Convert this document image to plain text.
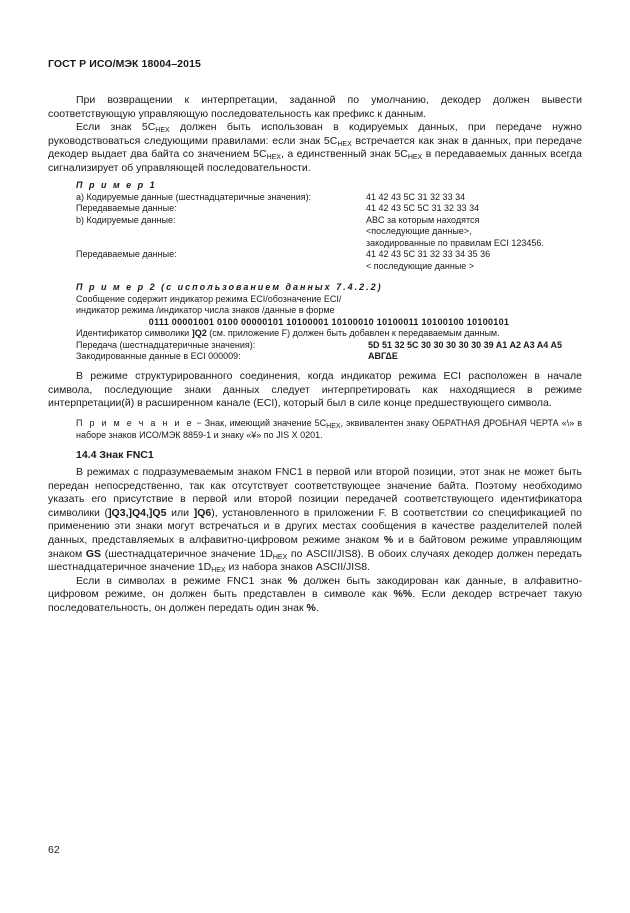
ГОСТ Р ИСО/МЭК 18004–2015

При возвращении к интерпретации, заданной по умолчанию, декодер должен вывести соответствующую управляющую последовательность как префикс к данным.

Если знак $5C_{HEX}$ должен быть использован в кодируемых данных, при передаче нужно руководствоваться следующими правилами: если знак $5C_{HEX}$ встречается как знак в данных, при передаче декодер выдает два байта со значением $5C_{HEX}$, а единственный знак $5C_{HEX}$ в передаваемых данных всегда сигнализирует об управляющей последовательности.

П р и м е р 1
a) Кодируемые данные (шестнадцатеричные значения):	41 42 43 5C 31 32 33 34
Передаваемые данные:	41 42 43 5C 5C 31 32 33 34
b) Кодируемые данные:	ABC за которым находятся
<последующие данные>,
закодированные по правилам ECI 123456.
Передаваемые данные:	41 42 43 5C 31 32 33 34 35 36
< последующие данные >
П р и м е р 2 (с использованием данных 7.4.2.2)
Сообщение содержит индикатор режима ECI/обозначение ECI/
индикатор режима /индикатор числа знаков /данные в форме
0111 00001001 0100 00000101 10100001 10100010 10100011 10100100 10100101
Идентификатор символики ]Q2 (см. приложение F) должен быть добавлен к передаваемым данным.
Передача (шестнадцатеричные значения):	5D 51 32 5C 30 30 30 30 30 39 A1 A2 A3 A4 A5
Закодированные данные в ECI 000009:	ΑΒΓΔΕ

В режиме структурированного соединения, когда индикатор режима ECI расположен в начале символа, последующие знаки данных следует интерпретировать как находящиеся в режиме интерпретации(й) в расширенном канале (ECI), который был в силе конце предшествующего символа.

П р и м е ч а н и е − Знак, имеющий значение $5C_{HEX}$, эквивалентен знаку ОБРАТНАЯ ДРОБНАЯ ЧЕРТА «\» в наборе знаков ИСО/МЭК 8859-1 и знаку «¥» по JIS X 0201.
14.4 Знак FNC1

В режимах с подразумеваемым знаком FNC1 в первой или второй позиции, этот знак не может быть передан непосредственно, так как отсутствует соответствующее значение байта. Поэтому необходимо указать его присутствие в первой или второй позиции передачей соответствующего идентификатора символики (]Q3,]Q4,]Q5 или ]Q6), установленного в приложении F. В соответствии со спецификацией по применению эти знаки могут встречаться и в других местах сообщения в качестве разделителей полей данных, представляемых в алфавитно-цифровом режиме знаком % и в байтовом режиме управляющим знаком GS (шестнадцатеричное значение $1D_{HEX}$ по ASCII/JIS8). В обоих случаях декодер должен передать шестнадцатеричное значение $1D_{HEX}$ из набора знаков ASCII/JIS8.

Если в символах в режиме FNC1 знак % должен быть закодирован как данные, в алфавитно-цифровом режиме, он должен быть представлен в символе как %%. Если декодер встречает такую последовательность, он должен передать один знак %.

62
